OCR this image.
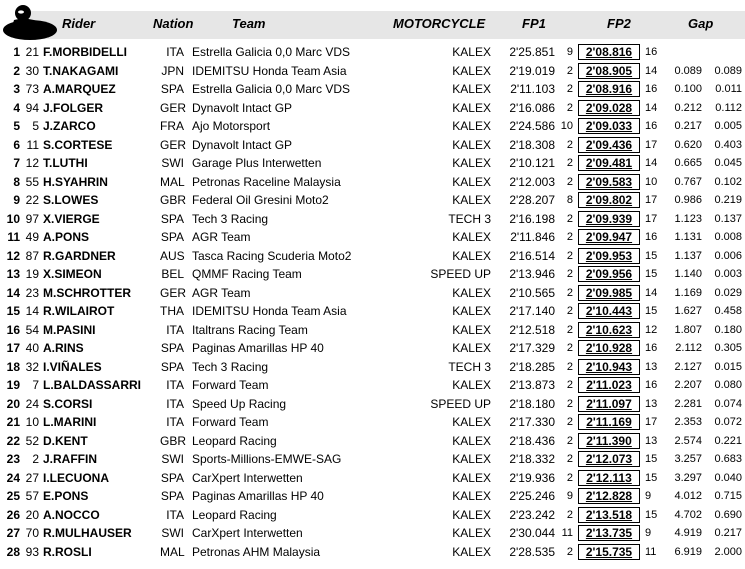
Rider	Nation	Team	MOTORCYCLE	FP1	FP2	Gap
1 21 F.MORBIDELLI	ITA Estrella Galicia 0,0 Marc VDS	KALEX	2'25.851	9	2'08.816	16
2 30 T.NAKAGAMI	JPN IDEMITSU Honda Team Asia	KALEX	2'19.019	2	2'08.905	14	0.089	0.089
3 73 A.MARQUEZ	SPA Estrella Galicia 0,0 Marc VDS	KALEX	2'11.103	2	2'08.916	16	0.100	0.011
4 94 J.FOLGER	GER Dynavolt Intact GP	KALEX	2'16.086	2	2'09.028	14	0.212	0.112
5	5 J.ZARCO	FRA Ajo Motorsport	KALEX	2'24.586 10	2'09.033	16	0.217	0.005
6 11 S.CORTESE	GER Dynavolt Intact GP	KALEX	2'18.308	2	2'09.436	17	0.620	0.403
7 12 T.LUTHI	SWI Garage Plus Interwetten	KALEX	2'10.121	2	2'09.481	14	0.665	0.045
8 55 H.SYAHRIN	MAL Petronas Raceline Malaysia	KALEX	2'12.003	2	2'09.583	10	0.767	0.102
9 22 S.LOWES	GBR Federal Oil Gresini Moto2	KALEX	2'28.207	8	2'09.802	17	0.986	0.219
10 97 X.VIERGE	SPA Tech 3 Racing	TECH 3	2'16.198	2	2'09.939	17	1.123	0.137
11 49 A.PONS	SPA AGR Team	KALEX	2'11.846	2	2'09.947	16	1.131	0.008
12 87 R.GARDNER	AUS Tasca Racing Scuderia Moto2	KALEX	2'16.514	2	2'09.953	15	1.137	0.006
13 19 X.SIMEON	BEL QMMF Racing Team	SPEED UP	2'13.946	2	2'09.956	15	1.140	0.003
14 23 M.SCHROTTER GER AGR Team	KALEX	2'10.565	2	2'09.985	14	1.169	0.029
15 14 R.WILAIROT	THA IDEMITSU Honda Team Asia	KALEX	2'17.140	2	2'10.443	15	1.627	0.458
16 54 M.PASINI	ITA Italtrans Racing Team	KALEX	2'12.518	2	2'10.623	12	1.807	0.180
17 40 A.RINS	SPA Paginas Amarillas HP 40	KALEX	2'17.329	2	2'10.928	16	2.112	0.305
18 32 I.VIÑALES	SPA Tech 3 Racing	TECH 3	2'18.285	2	2'10.943	13	2.127	0.015
19	7 L.BALDASSARRI	ITA Forward Team	KALEX	2'13.873	2	2'11.023	16	2.207	0.080
20 24 S.CORSI	ITA Speed Up Racing	SPEED UP	2'18.180	2	2'11.097	13	2.281	0.074
21 10 L.MARINI	ITA Forward Team	KALEX	2'17.330	2	2'11.169	17	2.353	0.072
22 52 D.KENT	GBR Leopard Racing	KALEX	2'18.436	2	2'11.390	13	2.574	0.221
23	2 J.RAFFIN	SWI Sports-Millions-EMWE-SAG	KALEX	2'18.332	2	2'12.073	15	3.257	0.683
24 27 I.LECUONA	SPA CarXpert Interwetten	KALEX	2'19.936	2	2'12.113	15	3.297	0.040
25 57 E.PONS	SPA Paginas Amarillas HP 40	KALEX	2'25.246	9	2'12.828	9	4.012	0.715
26 20 A.NOCCO	ITA Leopard Racing	KALEX	2'23.242	2	2'13.518	15	4.702	0.690
27 70 R.MULHAUSER SWI CarXpert Interwetten	KALEX	2'30.044 11	2'13.735	9	4.919	0.217
28 93 R.ROSLI	MAL Petronas AHM Malaysia	KALEX	2'28.535	2	2'15.735	11	6.919	2.000
